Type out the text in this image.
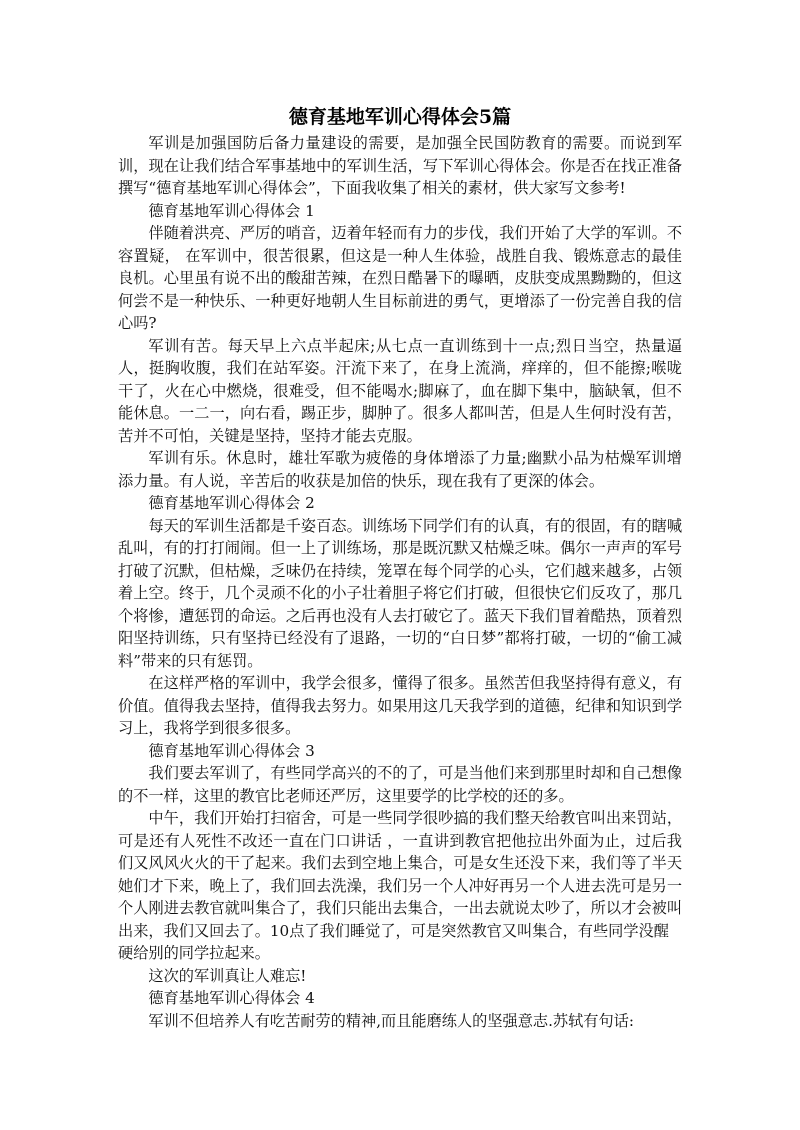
德育基地军训心得体会5篇

军训是加强国防后备力量建设的需要，是加强全民国防教育的需要。而说到军训，现在让我们结合军事基地中的军训生活，写下军训心得体会。你是否在找正准备撰写“德育基地军训心得体会”，下面我收集了相关的素材，供大家写文参考!

德育基地军训心得体会 1

伴随着洪亮、严厉的哨音，迈着年轻而有力的步伐，我们开始了大学的军训。不容置疑， 在军训中，很苦很累，但这是一种人生体验，战胜自我、锻炼意志的最佳良机。心里虽有说不出的酸甜苦辣，在烈日酷暑下的曝晒，皮肤变成黑黝黝的，但这何尝不是一种快乐、一种更好地朝人生目标前进的勇气，更增添了一份完善自我的信心吗?

军训有苦。每天早上六点半起床;从七点一直训练到十一点;烈日当空，热量逼人，挺胸收腹，我们在站军姿。汗流下来了，在身上流淌，痒痒的，但不能擦;喉咙干了，火在心中燃烧，很难受，但不能喝水;脚麻了，血在脚下集中，脑缺氧，但不能休息。一二一，向右看，踢正步，脚肿了。很多人都叫苦，但是人生何时没有苦，苦并不可怕，关键是坚持，坚持才能去克服。

军训有乐。休息时，雄壮军歌为疲倦的身体增添了力量;幽默小品为枯燥军训增添力量。有人说，辛苦后的收获是加倍的快乐，现在我有了更深的体会。

德育基地军训心得体会 2

每天的军训生活都是千姿百态。训练场下同学们有的认真，有的很固，有的瞎喊乱叫，有的打打闹闹。但一上了训练场，那是既沉默又枯燥乏味。偶尔一声声的军号打破了沉默，但枯燥，乏味仍在持续，笼罩在每个同学的心头，它们越来越多，占领着上空。终于，几个灵顽不化的小子壮着胆子将它们打破，但很快它们反攻了，那几个将惨，遭惩罚的命运。之后再也没有人去打破它了。蓝天下我们冒着酷热，顶着烈阳坚持训练，只有坚持已经没有了退路，一切的“白日梦”都将打破，一切的“偷工减料”带来的只有惩罚。

在这样严格的军训中，我学会很多，懂得了很多。虽然苦但我坚持得有意义，有价值。值得我去坚持，值得我去努力。如果用这几天我学到的道德，纪律和知识到学习上，我将学到很多很多。

德育基地军训心得体会 3

我们要去军训了，有些同学高兴的不的了，可是当他们来到那里时却和自己想像的不一样，这里的教官比老师还严厉，这里要学的比学校的还的多。

中午，我们开始打扫宿舍，可是一些同学很吵搞的我们整天给教官叫出来罚站，可是还有人死性不改还一直在门口讲话 ，一直讲到教官把他拉出外面为止，过后我们又风风火火的干了起来。我们去到空地上集合，可是女生还没下来，我们等了半天她们才下来，晚上了，我们回去洗澡，我们另一个人冲好再另一个人进去洗可是另一个人刚进去教官就叫集合了，我们只能出去集合，一出去就说太吵了，所以才会被叫出来，我们又回去了。10点了我们睡觉了，可是突然教官又叫集合，有些同学没醒

硬给别的同学拉起来。

这次的军训真让人难忘!

德育基地军训心得体会 4

军训不但培养人有吃苦耐劳的精神,而且能磨练人的坚强意志.苏轼有句话:
